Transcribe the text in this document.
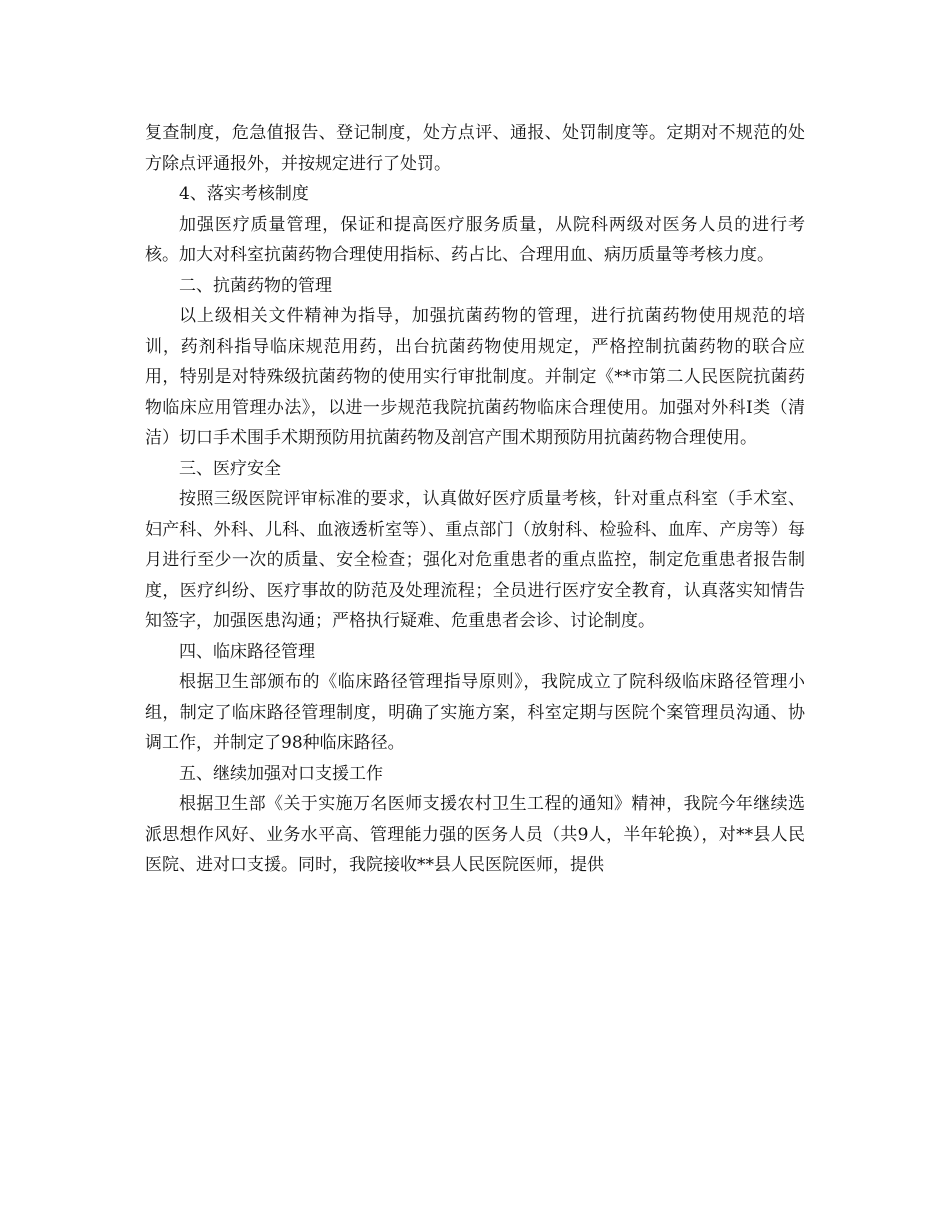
复查制度，危急值报告、登记制度，处方点评、通报、处罚制度等。定期对不规范的处方除点评通报外，并按规定进行了处罚。

4、落实考核制度

加强医疗质量管理，保证和提高医疗服务质量，从院科两级对医务人员的进行考核。加大对科室抗菌药物合理使用指标、药占比、合理用血、病历质量等考核力度。

二、抗菌药物的管理

以上级相关文件精神为指导，加强抗菌药物的管理，进行抗菌药物使用规范的培训，药剂科指导临床规范用药，出台抗菌药物使用规定，严格控制抗菌药物的联合应用，特别是对特殊级抗菌药物的使用实行审批制度。并制定《**市第二人民医院抗菌药物临床应用管理办法》，以进一步规范我院抗菌药物临床合理使用。加强对外科Ⅰ类（清洁）切口手术围手术期预防用抗菌药物及剖宫产围术期预防用抗菌药物合理使用。

三、医疗安全

按照三级医院评审标准的要求，认真做好医疗质量考核，针对重点科室（手术室、妇产科、外科、儿科、血液透析室等）、重点部门（放射科、检验科、血库、产房等）每月进行至少一次的质量、安全检查；强化对危重患者的重点监控，制定危重患者报告制度，医疗纠纷、医疗事故的防范及处理流程；全员进行医疗安全教育，认真落实知情告知签字，加强医患沟通；严格执行疑难、危重患者会诊、讨论制度。

四、临床路径管理

根据卫生部颁布的《临床路径管理指导原则》，我院成立了院科级临床路径管理小组，制定了临床路径管理制度，明确了实施方案，科室定期与医院个案管理员沟通、协调工作，并制定了98种临床路径。

五、继续加强对口支援工作

根据卫生部《关于实施万名医师支援农村卫生工程的通知》精神，我院今年继续选派思想作风好、业务水平高、管理能力强的医务人员（共9人，半年轮换），对**县人民医院、进对口支援。同时，我院接收**县人民医院医师，提供
